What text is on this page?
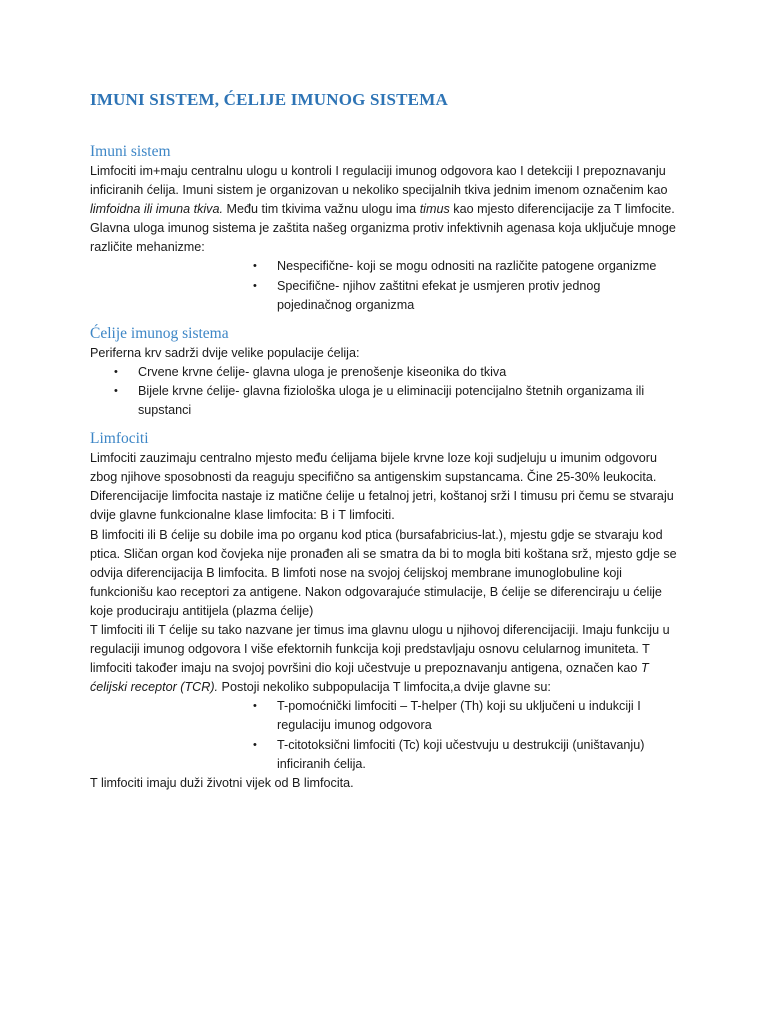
IMUNI SISTEM, ĆELIJE IMUNOG SISTEMA
Imuni sistem

Limfociti im+maju centralnu ulogu u kontroli I regulaciji imunog odgovora kao I detekciji I prepoznavanju inficiranih ćelija. Imuni sistem je organizovan u nekoliko specijalnih tkiva jednim imenom označenim kao limfoidna ili imuna tkiva. Među tim tkivima važnu ulogu ima timus kao mjesto diferencijacije za T limfocite. Glavna uloga imunog sistema je zaštita našeg organizma protiv infektivnih agenasa koja uključuje mnoge različite mehanizme:

• Nespecifične- koji se mogu odnositi na različite patogene organizme
• Specifične- njihov zaštitni efekat je usmjeren protiv jednog pojedinačnog organizma
Ćelije imunog sistema

Periferna krv sadrži dvije velike populacije ćelija:

• Crvene krvne ćelije- glavna uloga je prenošenje kiseonika do tkiva
• Bijele krvne ćelije- glavna fiziološka uloga je u eliminaciji potencijalno štetnih organizama ili supstanci
Limfociti

Limfociti zauzimaju centralno mjesto među ćelijama bijele krvne loze koji sudjeluju u imunim odgovoru zbog njihove sposobnosti da reaguju specifično sa antigenskim supstancama. Čine 25-30% leukocita. Diferencijacije limfocita nastaje iz matične ćelije u fetalnoj jetri, koštanoj srži I timusu pri čemu se stvaraju dvije glavne funkcionalne klase limfocita: B i T limfociti.

B limfociti ili B ćelije su dobile ima po organu kod ptica (bursafabricius-lat.), mjestu gdje se stvaraju kod ptica. Sličan organ kod čovjeka nije pronađen ali se smatra da bi to mogla biti koštana srž, mjesto gdje se odvija diferencijacija B limfocita. B limfoti nose na svojoj ćelijskoj membrane imunoglobuline koji funkcionišu kao receptori za antigene. Nakon odgovarajuće stimulacije, B ćelije se diferenciraju u ćelije koje produciraju antitijela (plazma ćelije)

T limfociti ili T ćelije su tako nazvane jer timus ima glavnu ulogu u njihovoj diferencijaciji. Imaju funkciju u regulaciji imunog odgovora I više efektornih funkcija koji predstavljaju osnovu celularnog imuniteta. T limfociti također imaju na svojoj površini dio koji učestvuje u prepoznavanju antigena, označen kao T ćelijski receptor (TCR). Postoji nekoliko subpopulacija T limfocita,a dvije glavne su:

• T-pomoćnički limfociti – T-helper (Th) koji su uključeni u indukciji I regulaciju imunog odgovora
• T-citotoksični limfociti (Tc) koji učestvuju u destrukciji (uništavanju) inficiranih ćelija.

T limfociti imaju duži životni vijek od B limfocita.
